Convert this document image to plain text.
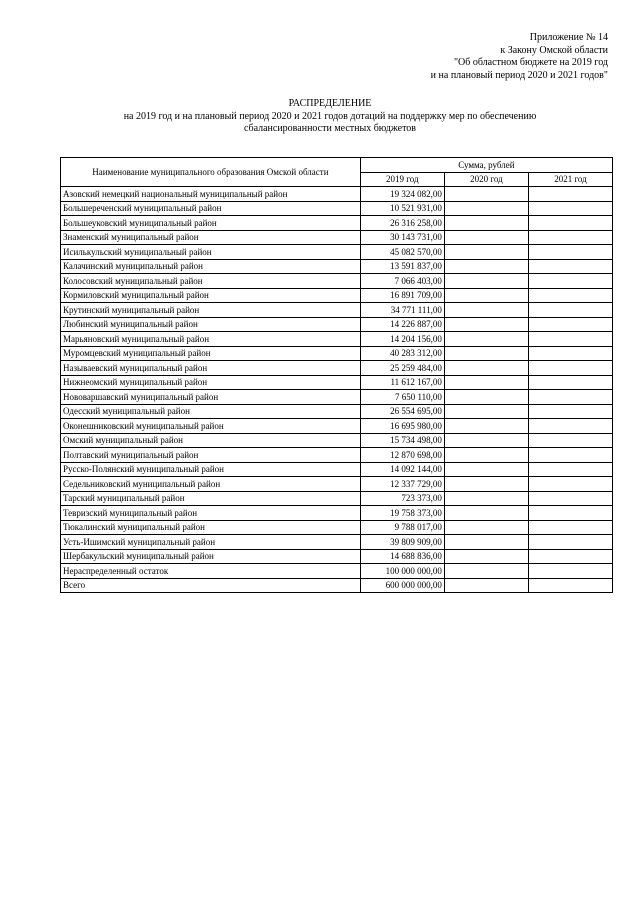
Приложение № 14
к Закону Омской области
"Об областном бюджете на 2019 год
и на плановый период 2020 и 2021 годов"
РАСПРЕДЕЛЕНИЕ
на 2019 год и на плановый период 2020 и 2021 годов дотаций на поддержку мер по обеспечению
сбалансированности местных бюджетов
Наименование муниципального образования Омской области	Сумма, рублей		
	2019 год	2020 год	2021 год
Азовский немецкий национальный муниципальный район	19 324 082,00		
Большереченский муниципальный район	10 521 931,00		
Большеуковский муниципальный район	26 316 258,00		
Знаменский муниципальный район	30 143 731,00		
Исилькульский муниципальный район	45 082 570,00		
Калачинский муниципальный район	13 591 837,00		
Колосовский муниципальный район	7 066 403,00		
Кормиловский муниципальный район	16 891 709,00		
Крутинский муниципальный район	34 771 111,00		
Любинский муниципальный район	14 226 887,00		
Марьяновский муниципальный район	14 204 156,00		
Муромцевский муниципальный район	40 283 312,00		
Называевский муниципальный район	25 259 484,00		
Нижнеомский муниципальный район	11 612 167,00		
Нововаршавский муниципальный район	7 650 110,00		
Одесский муниципальный район	26 554 695,00		
Оконешниковский муниципальный район	16 695 980,00		
Омский муниципальный район	15 734 498,00		
Полтавский муниципальный район	12 870 698,00		
Русско-Полянский муниципальный район	14 092 144,00		
Седельниковский муниципальный район	12 337 729,00		
Тарский муниципальный район	723 373,00		
Тевризский муниципальный район	19 758 373,00		
Тюкалинский муниципальный район	9 788 017,00		
Усть-Ишимский муниципальный район	39 809 909,00		
Шербакульский муниципальный район	14 688 836,00		
Нераспределенный остаток	100 000 000,00		
Всего	600 000 000,00		
